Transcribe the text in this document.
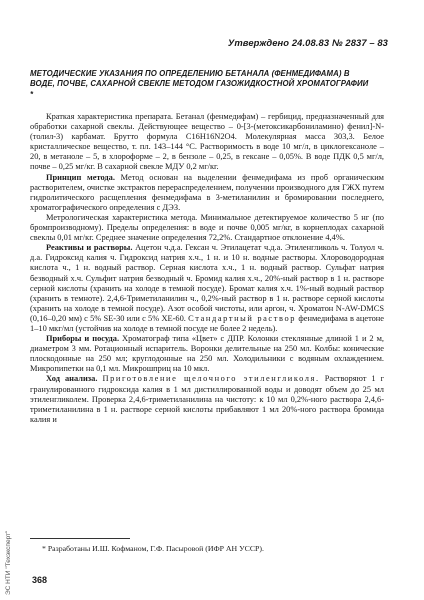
Утверждено 24.08.83 № 2837 – 83
МЕТОДИЧЕСКИЕ УКАЗАНИЯ ПО ОПРЕДЕЛЕНИЮ БЕТАНАЛА (ФЕНМЕДИФАМА) В ВОДЕ, ПОЧВЕ, САХАРНОЙ СВЕКЛЕ МЕТОДОМ ГАЗОЖИДКОСТНОЙ ХРОМАТОГРАФИИ *

Краткая характеристика препарата. Бетанал (фенмедифам) – гербицид, предназначенный для обработки сахарной свеклы. Действующее вещество – 0-[3-(метоксикарбониламино) фенил]-N-(толил-3) карбамат. Брутто формула C16H16N2O4. Молекулярная масса 303,3. Белое кристаллическое вещество, т. пл. 143–144 °С. Растворимость в воде 10 мг/л, в циклогексаноле – 20, в метаноле – 5, в хлороформе – 2, в бензоле – 0,25, в гексане – 0,05%. В воде ПДК 0,5 мг/л, почве – 0,25 мг/кг. В сахарной свекле МДУ 0,2 мг/кг.

Принцип метода. Метод основан на выделении фенмедифама из проб органическим растворителем, очистке экстрактов перераспределением, получении производного для ГЖХ путем гидролитического расщепления фенмедифама в 3-метиланилин и бромировании последнего, хроматографического определения с ДЭЗ.

Метрологическая характеристика метода. Минимальное детектируемое количество 5 нг (по бромпроизводному). Пределы определения: в воде и почве 0,005 мг/кг, в корнеплодах сахарной свеклы 0,01 мг/кг. Среднее значение определения 72,2%. Стандартное отклонение 4,4%.

Реактивы и растворы. Ацетон ч.д.а. Гексан ч. Этилацетат ч.д.а. Этиленгликоль ч. Толуол ч. д.а. Гидроксид калия ч. Гидроксид натрия х.ч., 1 н. и 10 н. водные растворы. Хлороводородная кислота ч., 1 н. водный раствор. Серная кислота х.ч., 1 н. водный раствор. Сульфат натрия безводный х.ч. Сульфит натрия безводный ч. Бромид калия х.ч., 20%-ный раствор в 1 н. растворе серной кислоты (хранить на холоде в темной посуде). Бромат калия х.ч. 1%-ный водный раствор (хранить в темноте). 2,4,6-Триметиланилин ч., 0,2%-ный раствор в 1 н. растворе серной кислоты (хранить на холоде в темной посуде). Азот особой чистоты, или аргон, ч. Хроматон N-AW-DMCS (0,16–0,20 мм) с 5% SE-30 или с 5% ХЕ-60. Стандартный раствор фенмедифама в ацетоне 1–10 мкг/мл (устойчив на холоде в темной посуде не более 2 недель).

Приборы и посуда. Хроматограф типа «Цвет» с ДПР. Колонки стеклянные длиной 1 и 2 м, диаметром 3 мм. Ротационный испаритель. Воронки делительные на 250 мл. Колбы: конические плоскодонные на 250 мл; круглодонные на 250 мл. Холодильники с водяным охлаждением. Микропипетки на 0,1 мл. Микрошприц на 10 мкл.

Ход анализа. Приготовление щелочного этиленгликоля. Растворяют 1 г гранулированного гидроксида калия в 1 мл дистиллированной воды и доводят объем до 25 мл этиленгликолем. Проверка 2,4,6-триметиланилина на чистоту: к 10 мл 0,2%-ного раствора 2,4,6-триметиланилина в 1 н. растворе серной кислоты прибавляют 1 мл 20%-ного раствора бромида калия и

* Разработаны И.Ш. Кофманом, Г.Ф. Пасыровой (ИФР АН УССР).
368
ЭС НТИ "Техэксперт"
